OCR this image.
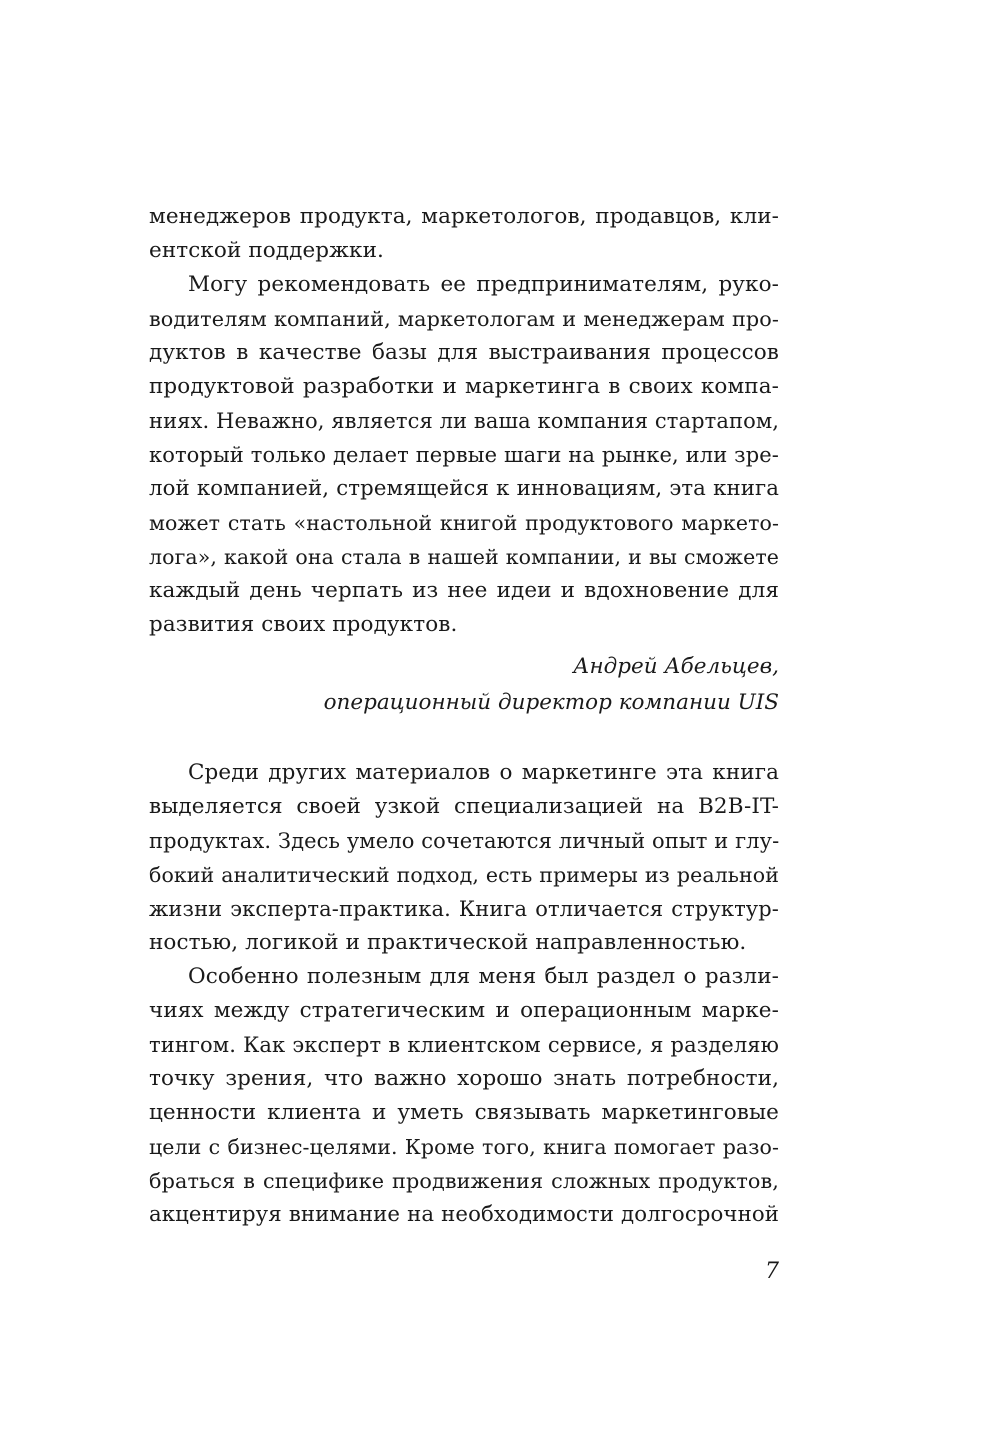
менеджеров продукта, маркетологов, продавцов, кли-
ентской поддержки.
Могу рекомендовать ее предпринимателям, руко-
водителям компаний, маркетологам и менеджерам про-
дуктов в качестве базы для выстраивания процессов
продуктовой разработки и маркетинга в своих компа-
ниях. Неважно, является ли ваша компания стартапом,
который только делает первые шаги на рынке, или зре-
лой компанией, стремящейся к инновациям, эта книга
может стать «настольной книгой продуктового маркето-
лога», какой она стала в нашей компании, и вы сможете
каждый день черпать из нее идеи и вдохновение для
развития своих продуктов.
Андрей Абельцев,
операционный директор компании UIS
Среди других материалов о маркетинге эта книга
выделяется своей узкой специализацией на B2B-IT-
продуктах. Здесь умело сочетаются личный опыт и глу-
бокий аналитический подход, есть примеры из реальной
жизни эксперта-практика. Книга отличается структур-
ностью, логикой и практической направленностью.
Особенно полезным для меня был раздел о разли-
чиях между стратегическим и операционным марке-
тингом. Как эксперт в клиентском сервисе, я разделяю
точку зрения, что важно хорошо знать потребности,
ценности клиента и уметь связывать маркетинговые
цели с бизнес-целями. Кроме того, книга помогает разо-
браться в специфике продвижения сложных продуктов,
акцентируя внимание на необходимости долгосрочной
7
